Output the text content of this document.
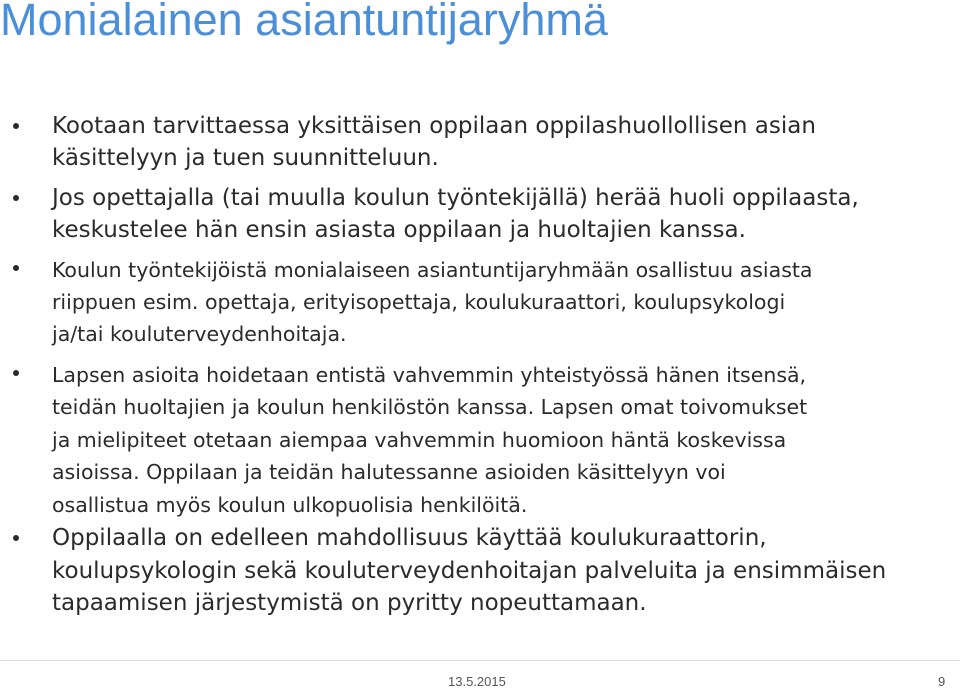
Monialainen asiantuntijaryhmä
Kootaan tarvittaessa yksittäisen oppilaan oppilashuollollisen asian
käsittelyyn ja tuen suunnitteluun.
Jos opettajalla (tai muulla koulun työntekijällä) herää huoli oppilaasta,
keskustelee hän ensin asiasta oppilaan ja huoltajien kanssa.
Koulun työntekijöistä monialaiseen asiantuntijaryhmään osallistuu asiasta
riippuen esim. opettaja, erityisopettaja, koulukuraattori, koulupsykologi
ja/tai kouluterveydenhoitaja.
Lapsen asioita hoidetaan entistä vahvemmin yhteistyössä hänen itsensä,
teidän huoltajien ja koulun henkilöstön kanssa. Lapsen omat toivomukset
ja mielipiteet otetaan aiempaa vahvemmin huomioon häntä koskevissa
asioissa. Oppilaan ja teidän halutessanne asioiden käsittelyyn voi
osallistua myös koulun ulkopuolisia henkilöitä.
Oppilaalla on edelleen mahdollisuus käyttää koulukuraattorin,
koulupsykologin sekä kouluterveydenhoitajan palveluita ja ensimmäisen
tapaamisen järjestymistä on pyritty nopeuttamaan.
13.5.2015	9
